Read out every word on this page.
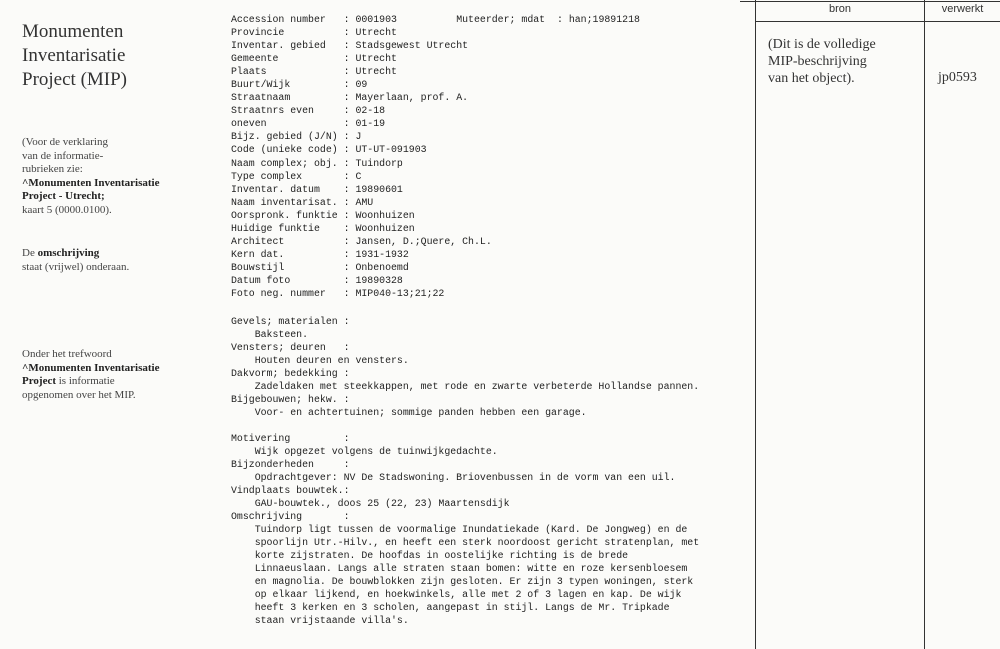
Monumenten
Inventarisatie
Project (MIP)
(Voor de verklaring
van de informatie-
rubrieken zie:
^Monumenten Inventarisatie
Project - Utrecht;
kaart 5 (0000.0100).
De omschrijving
staat (vrijwel) onderaan.
Onder het trefwoord
^Monumenten Inventarisatie
Project is informatie
opgenomen over het MIP.
Accession number   : 0001903          Muteerder; mdat  : han;19891218
Provincie          : Utrecht
Inventar. gebied   : Stadsgewest Utrecht
Gemeente           : Utrecht
Plaats             : Utrecht
Buurt/Wijk         : 09
Straatnaam         : Mayerlaan, prof. A.
Straatnrs even     : 02-18
oneven             : 01-19
Bijz. gebied (J/N) : J
Code (unieke code) : UT-UT-091903
Naam complex; obj. : Tuindorp
Type complex       : C
Inventar. datum    : 19890601
Naam inventarisat. : AMU
Oorspronk. funktie : Woonhuizen
Huidige funktie    : Woonhuizen
Architect          : Jansen, D.;Quere, Ch.L.
Kern dat.          : 1931-1932
Bouwstijl          : Onbenoemd
Datum foto         : 19890328
Foto neg. nummer   : MIP040-13;21;22
Gevels; materialen :
Baksteen.
Vensters; deuren   :
Houten deuren en vensters.
Dakvorm; bedekking :
Zadeldaken met steekkappen, met rode en zwarte verbeterde Hollandse pannen.
Bijgebouwen; hekw. :
Voor- en achtertuinen; sommige panden hebben een garage.

Motivering         :
Wijk opgezet volgens de tuinwijkgedachte.
Bijzonderheden     :
Opdrachtgever: NV De Stadswoning. Briovenbussen in de vorm van een uil.
Vindplaats bouwtek.:
GAU-bouwtek., doos 25 (22, 23) Maartensdijk
Omschrijving       :
Tuindorp ligt tussen de voormalige Inundatiekade (Kard. De Jongweg) en de
spoorlijn Utr.-Hilv., en heeft een sterk noordoost gericht stratenplan, met
korte zijstraten. De hoofdas in oostelijke richting is de brede
Linnaeuslaan. Langs alle straten staan bomen: witte en roze kersenbloesem
en magnolia. De bouwblokken zijn gesloten. Er zijn 3 typen woningen, sterk
op elkaar lijkend, en hoekwinkels, alle met 2 of 3 lagen en kap. De wijk
heeft 3 kerken en 3 scholen, aangepast in stijl. Langs de Mr. Tripkade
staan vrijstaande villa's.
bron	verwerkt
(Dit is de volledige
MIP-beschrijving
van het object).	jp0593
